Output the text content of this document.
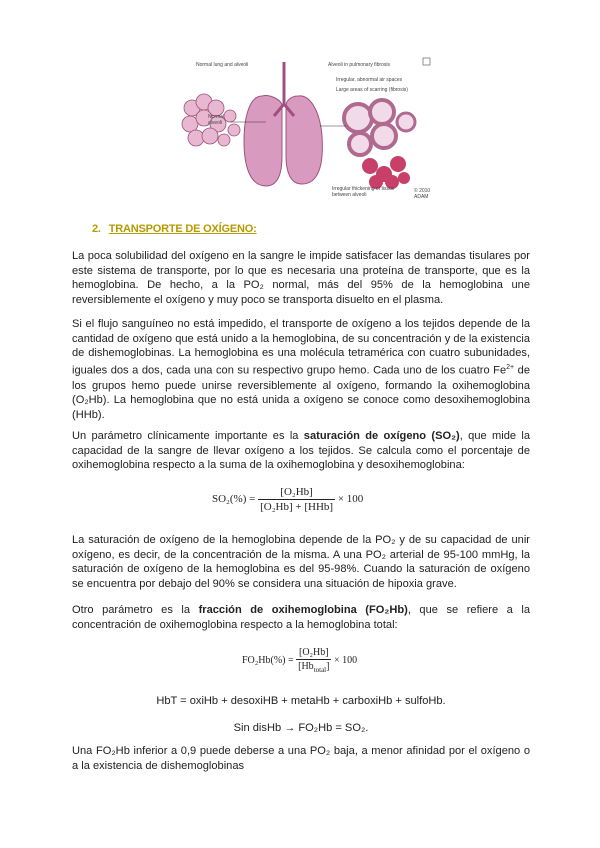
Normal lung and alveoli	Alveoli in pulmonary fibrosis
Irregular, abnormal air spaces
Large areas of scarring (fibrosis)
Normal alveoli
Irregular thickening of tissue between alveoli
© 2010 ADAM
2. TRANSPORTE DE OXÍGENO:

La poca solubilidad del oxígeno en la sangre le impide satisfacer las demandas tisulares por este sistema de transporte, por lo que es necesaria una proteína de transporte, que es la hemoglobina. De hecho, a la PO₂ normal, más del 95% de la hemoglobina une reversiblemente el oxígeno y muy poco se transporta disuelto en el plasma.

Si el flujo sanguíneo no está impedido, el transporte de oxígeno a los tejidos depende de la cantidad de oxígeno que está unido a la hemoglobina, de su concentración y de la existencia de dishemoglobinas. La hemoglobina es una molécula tetramérica con cuatro subunidades, iguales dos a dos, cada una con su respectivo grupo hemo. Cada uno de los cuatro $Fe^{2+}$ de los grupos hemo puede unirse reversiblemente al oxígeno, formando la oxihemoglobina (O₂Hb). La hemoglobina que no está unida a oxígeno se conoce como desoxihemoglobina (HHb).

Un parámetro clínicamente importante es la saturación de oxígeno (SO₂), que mide la capacidad de la sangre de llevar oxígeno a los tejidos. Se calcula como el porcentaje de oxihemoglobina respecto a la suma de la oxihemoglobina y desoxihemoglobina:

$SO_2(\%) = \frac{\text{[O₂Hb]}}{\text{[O₂Hb] + [HHb]}} \times 100$

La saturación de oxígeno de la hemoglobina depende de la PO₂ y de su capacidad de unir oxígeno, es decir, de la concentración de la misma. A una PO₂ arterial de 95-100 mmHg, la saturación de oxígeno de la hemoglobina es del 95-98%. Cuando la saturación de oxígeno se encuentra por debajo del 90% se considera una situación de hipoxia grave.

Otro parámetro es la fracción de oxihemoglobina (FO₂Hb), que se refiere a la concentración de oxihemoglobina respecto a la hemoglobina total:

$FO_2Hb(\%) = \frac{\text{[O₂Hb]}}{[Hb_{total}]} \times 100$
HbT = oxiHb + desoxiHB + metaHb + carboxiHb + sulfoHb.
Sin disHb → FO₂Hb = SO₂.

Una FO₂Hb inferior a 0,9 puede deberse a una PO₂ baja, a menor afinidad por el oxígeno o a la existencia de dishemoglobinas
